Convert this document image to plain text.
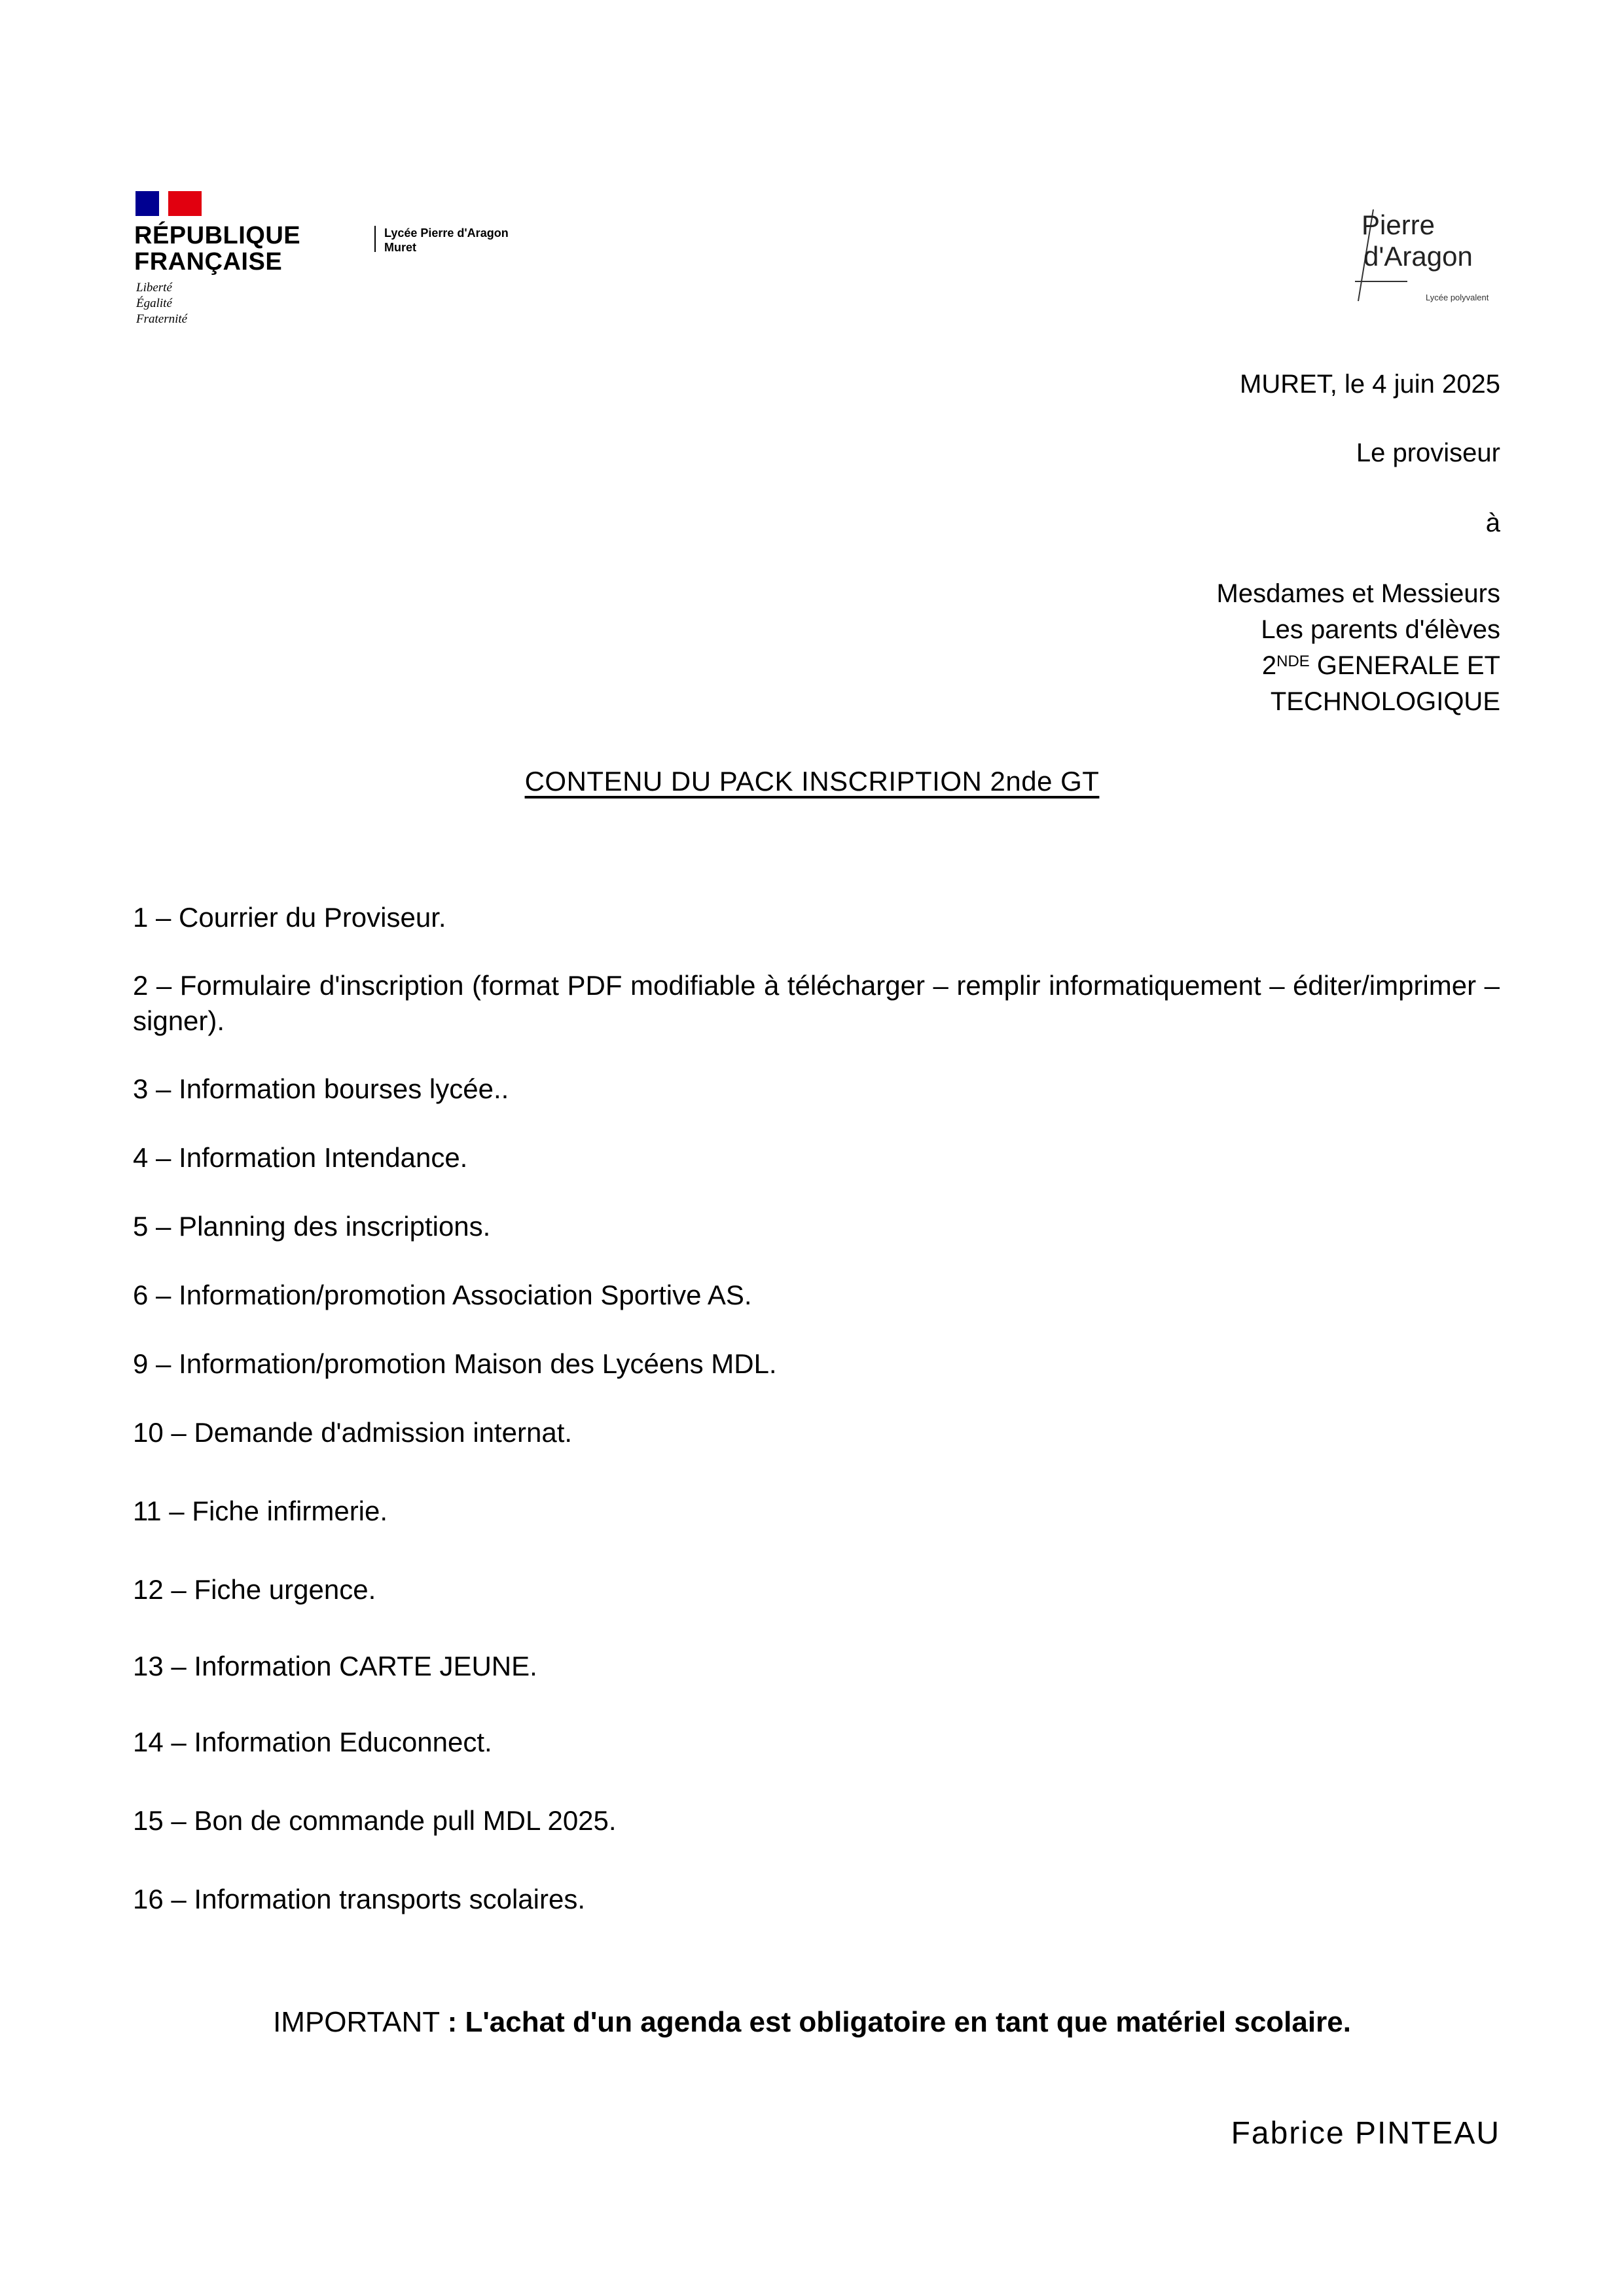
RÉPUBLIQUE
FRANÇAISE
Liberté
Égalité
Fraternité
Lycée Pierre d'Aragon
Muret
Pierre
d'Aragon
Lycée polyvalent
MURET, le 4 juin 2025
Le proviseur
à
Mesdames et Messieurs
Les parents d'élèves
2NDE GENERALE ET
TECHNOLOGIQUE
CONTENU DU PACK INSCRIPTION 2nde GT
1 – Courrier du Proviseur.
2 – Formulaire d'inscription (format PDF modifiable à télécharger – remplir informatiquement – éditer/imprimer – signer).
3 – Information bourses lycée..
4 – Information Intendance.
5 – Planning des inscriptions.
6 – Information/promotion Association Sportive AS.
9 – Information/promotion Maison des Lycéens MDL.
10 – Demande d'admission internat.
11 – Fiche infirmerie.
12 – Fiche urgence.
13 – Information CARTE JEUNE.
14 – Information Educonnect.
15 – Bon de commande pull MDL 2025.
16 – Information transports scolaires.
IMPORTANT : L'achat d'un agenda est obligatoire en tant que matériel scolaire.
Fabrice PINTEAU
